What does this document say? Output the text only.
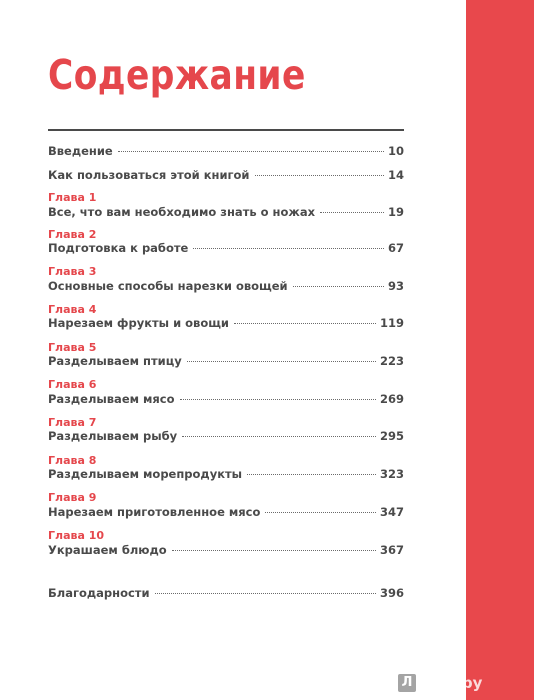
Содержание
Введение	10
Как пользоваться этой книгой	14
Глава 1
Все, что вам необходимо знать о ножах	19
Глава 2
Подготовка к работе	67
Глава 3
Основные способы нарезки овощей	93
Глава 4
Нарезаем фрукты и овощи	119
Глава 5
Разделываем птицу	223
Глава 6
Разделываем мясо	269
Глава 7
Разделываем рыбу	295
Глава 8
Разделываем морепродукты	323
Глава 9
Нарезаем приготовленное мясо	347
Глава 10
Украшаем блюдо	367
Благодарности	396
Л ...нт.ру
